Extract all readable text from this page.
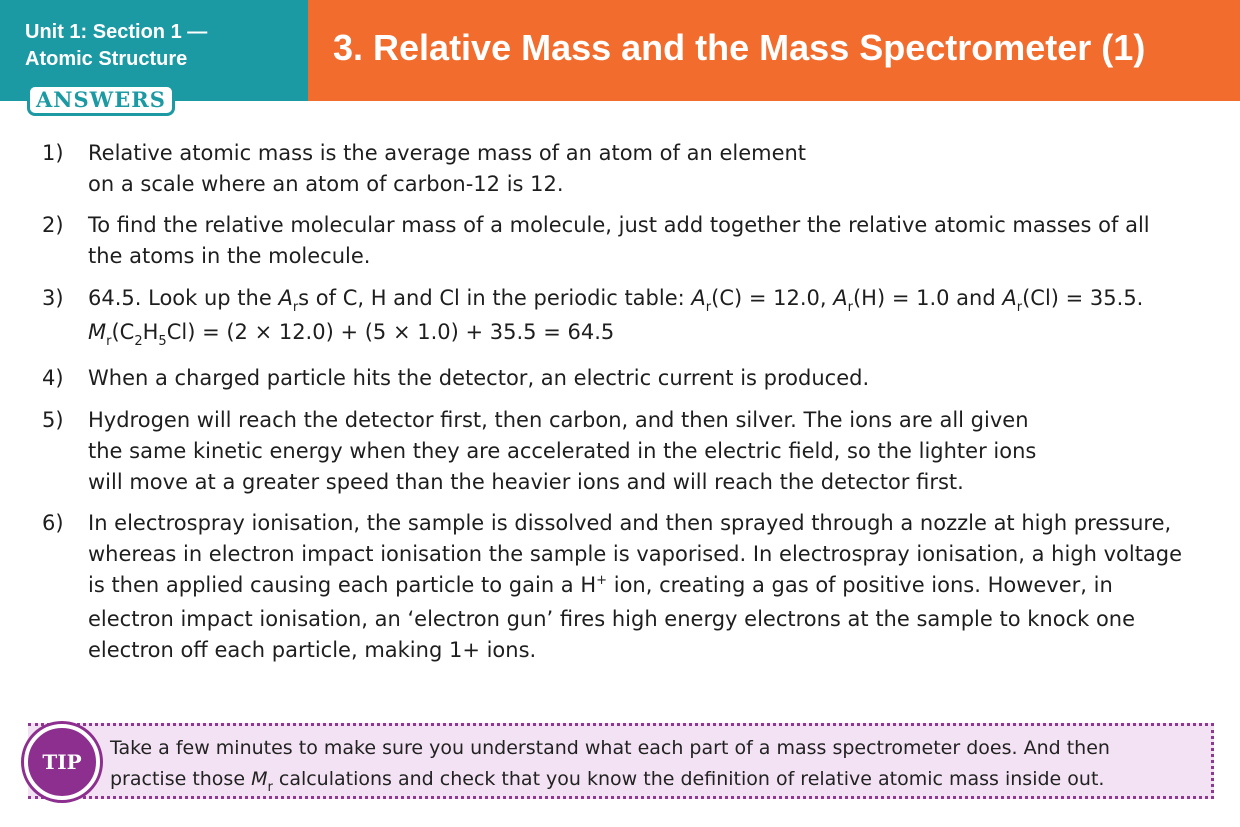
Unit 1: Section 1 —
Atomic Structure	3. Relative Mass and the Mass Spectrometer (1)
ANSWERS
1) Relative atomic mass is the average mass of an atom of an element
on a scale where an atom of carbon-12 is 12.
2) To find the relative molecular mass of a molecule, just add together the relative atomic masses of all
the atoms in the molecule.
3) 64.5. Look up the $A_rs$ of C, H and Cl in the periodic table: $A_r(C) = 12.0$, $A_r(H) = 1.0$ and $A_r(Cl) = 35.5$.
$M_r(C_2H_5Cl) = (2 \times 12.0) + (5 \times 1.0) + 35.5 = 64.5$
4) When a charged particle hits the detector, an electric current is produced.
5) Hydrogen will reach the detector first, then carbon, and then silver. The ions are all given
the same kinetic energy when they are accelerated in the electric field, so the lighter ions
will move at a greater speed than the heavier ions and will reach the detector first.
6) In electrospray ionisation, the sample is dissolved and then sprayed through a nozzle at high pressure,
whereas in electron impact ionisation the sample is vaporised. In electrospray ionisation, a high voltage
is then applied causing each particle to gain a H+ ion, creating a gas of positive ions. However, in
electron impact ionisation, an ‘electron gun’ fires high energy electrons at the sample to knock one
electron off each particle, making 1+ ions.
TIP
Take a few minutes to make sure you understand what each part of a mass spectrometer does. And then
practise those $M_r$ calculations and check that you know the definition of relative atomic mass inside out.
